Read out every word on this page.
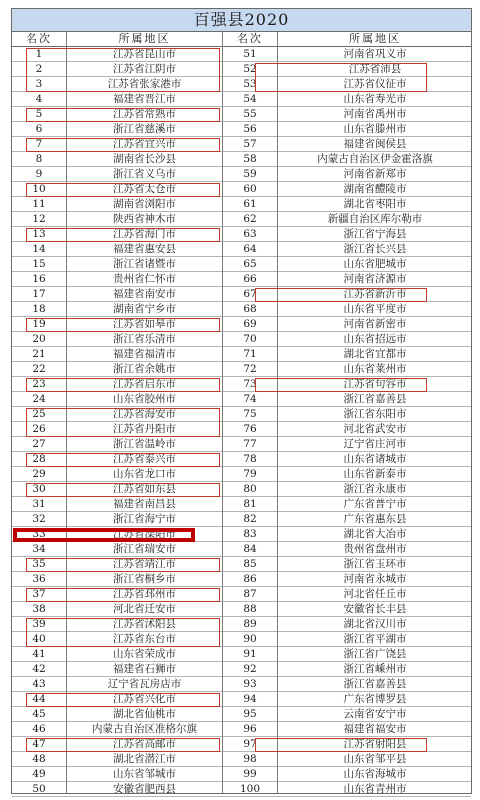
百强县2020
名次	所属地区	名次	所属地区
1	江苏省昆山市	51	河南省巩义市
2	江苏省江阴市	52	江苏省沛县
3	江苏省张家港市	53	江苏省仪征市
4	福建省晋江市	54	山东省寿光市
5	江苏省常熟市	55	河南省禹州市
6	浙江省慈溪市	56	山东省滕州市
7	江苏省宜兴市	57	福建省闽侯县
8	湖南省长沙县	58	内蒙古自治区伊金霍洛旗
9	浙江省义乌市	59	河南省新郑市
10	江苏省太仓市	60	湖南省醴陵市
11	湖南省浏阳市	61	湖北省枣阳市
12	陕西省神木市	62	新疆自治区库尔勒市
13	江苏省海门市	63	浙江省宁海县
14	福建省惠安县	64	浙江省长兴县
15	浙江省诸暨市	65	山东省肥城市
16	贵州省仁怀市	66	河南省济源市
17	福建省南安市	67	江苏省新沂市
18	湖南省宁乡市	68	山东省平度市
19	江苏省如皋市	69	河南省新密市
20	浙江省乐清市	70	山东省招远市
21	福建省福清市	71	湖北省宜都市
22	浙江省余姚市	72	山东省莱州市
23	江苏省启东市	73	江苏省句容市
24	山东省胶州市	74	浙江省嘉善县
25	江苏省海安市	75	浙江省东阳市
26	江苏省丹阳市	76	河北省武安市
27	浙江省温岭市	77	辽宁省庄河市
28	江苏省泰兴市	78	山东省诸城市
29	山东省龙口市	79	山东省新泰市
30	江苏省如东县	80	浙江省永康市
31	福建省南昌县	81	广东省普宁市
32	浙江省海宁市	82	广东省惠东县
33	江苏省溧阳市	83	湖北省大冶市
34	浙江省瑞安市	84	贵州省盘州市
35	江苏省靖江市	85	浙江省玉环市
36	浙江省桐乡市	86	河南省永城市
37	江苏省邳州市	87	河北省任丘市
38	河北省迁安市	88	安徽省长丰县
39	江苏省沭阳县	89	湖北省汉川市
40	江苏省东台市	90	浙江省平湖市
41	山东省荣成市	91	浙江省广饶县
42	福建省石狮市	92	浙江省嵊州市
43	辽宁省瓦房店市	93	浙江省嘉善县
44	江苏省兴化市	94	广东省博罗县
45	湖北省仙桃市	95	云南省安宁市
46	内蒙古自治区准格尔旗	96	福建省福安市
47	江苏省高邮市	97	江苏省射阳县
48	湖北省潜江市	98	山东省邹平县
49	山东省邹城市	99	山东省海城市
50	安徽省肥西县	100	山东省青州市
